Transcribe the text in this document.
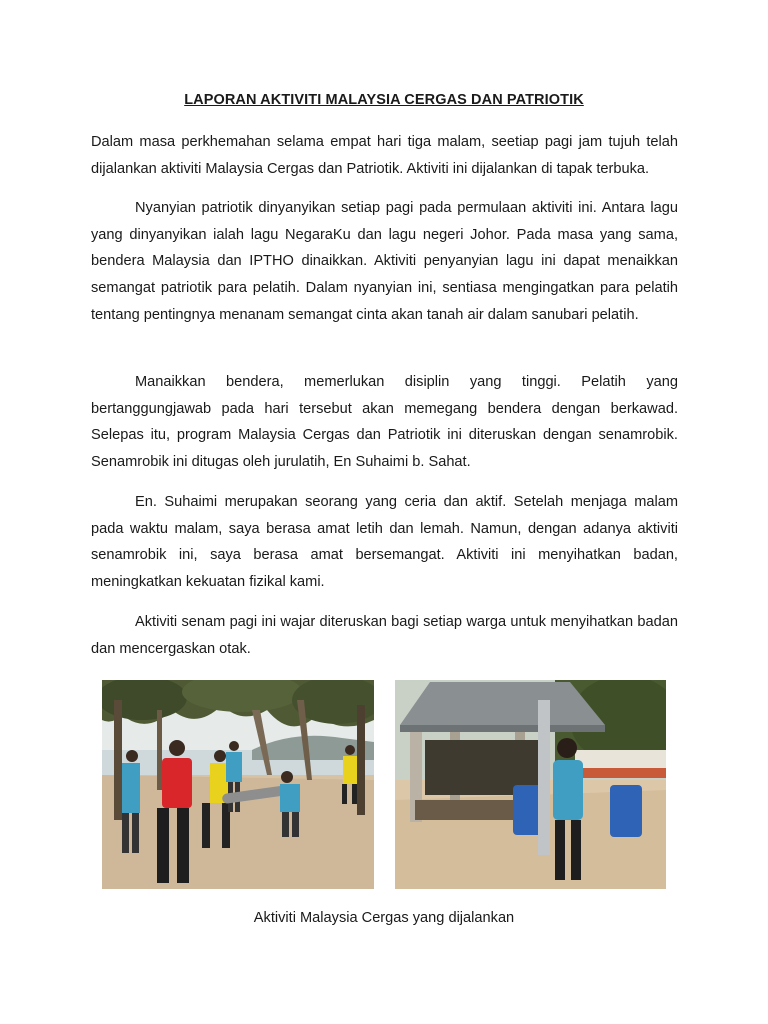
LAPORAN AKTIVITI MALAYSIA CERGAS DAN PATRIOTIK

Dalam masa perkhemahan selama empat hari tiga malam, seetiap pagi jam tujuh telah dijalankan aktiviti Malaysia Cergas dan Patriotik. Aktiviti ini dijalankan di tapak terbuka.

Nyanyian patriotik dinyanyikan setiap pagi pada permulaan aktiviti ini. Antara lagu yang dinyanyikan ialah lagu NegaraKu dan lagu negeri Johor. Pada masa yang sama, bendera Malaysia dan IPTHO dinaikkan. Aktiviti penyanyian lagu ini dapat menaikkan semangat patriotik para pelatih. Dalam nyanyian ini, sentiasa mengingatkan para pelatih tentang pentingnya menanam semangat cinta akan tanah air dalam sanubari pelatih.

Manaikkan bendera, memerlukan disiplin yang tinggi. Pelatih yang bertanggungjawab pada hari tersebut akan memegang bendera dengan berkawad. Selepas itu, program Malaysia Cergas dan Patriotik ini diteruskan dengan senamrobik. Senamrobik ini ditugas oleh jurulatih, En Suhaimi b. Sahat.

En. Suhaimi merupakan seorang yang ceria dan aktif. Setelah menjaga malam pada waktu malam, saya berasa amat letih dan lemah. Namun, dengan adanya aktiviti senamrobik ini, saya berasa amat bersemangat. Aktiviti ini menyihatkan badan, meningkatkan kekuatan fizikal kami.

Aktiviti senam pagi ini wajar diteruskan bagi setiap warga untuk menyihatkan badan dan mencergaskan otak.

Aktiviti Malaysia Cergas yang dijalankan
